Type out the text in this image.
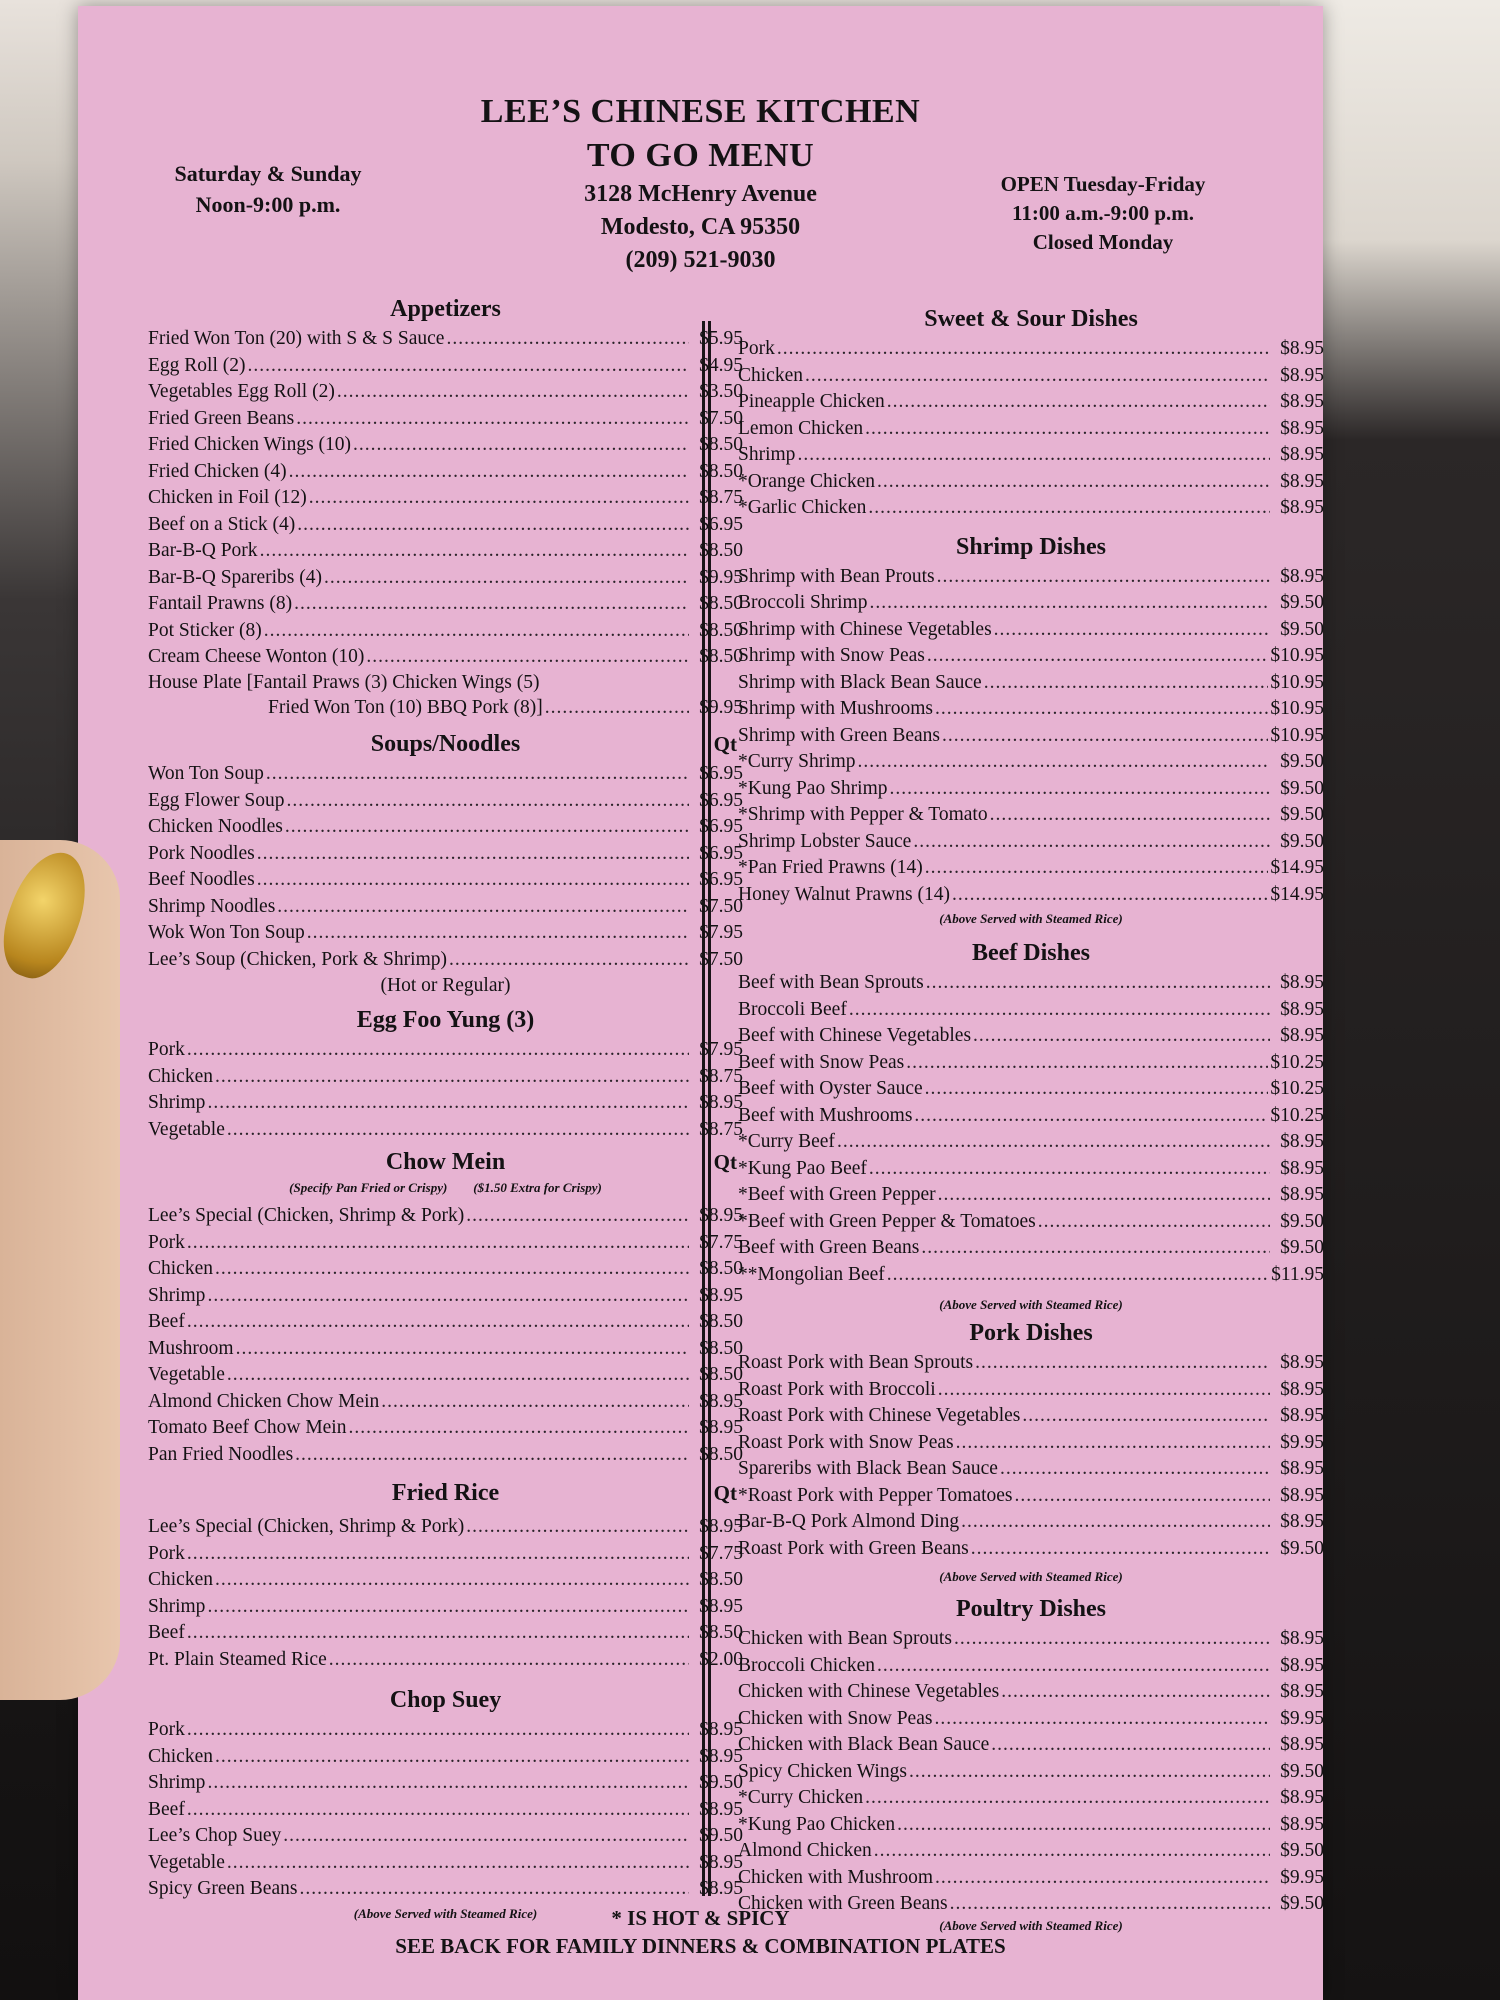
LEE’S CHINESE KITCHEN
TO GO MENU
3128 McHenry Avenue
Modesto, CA 95350
(209) 521-9030
Saturday & Sunday
Noon-9:00 p.m.
OPEN Tuesday-Friday
11:00 a.m.-9:00 p.m.
Closed Monday
Appetizers
Fried Won Ton (20) with S & S Sauce .....	$5.95
Egg Roll (2) .....	$4.95
Vegetables Egg Roll (2) .....	$3.50
Fried Green Beans .....	$7.50
Fried Chicken Wings (10) .....	$8.50
Fried Chicken (4) .....	$8.50
Chicken in Foil (12) .....	$8.75
Beef on a Stick (4) .....	$6.95
Bar-B-Q Pork .....	$8.50
Bar-B-Q Spareribs (4) .....	$9.95
Fantail Prawns (8) .....	$8.50
Pot Sticker (8) .....	$8.50
Cream Cheese Wonton (10) .....	$8.50
House Plate [Fantail Praws (3) Chicken Wings (5)
Fried Won Ton (10) BBQ Pork (8)] .....	$9.95
Soups/Noodles	Qt
Won Ton Soup .....	$6.95
Egg Flower Soup .....	$6.95
Chicken Noodles .....	$6.95
Pork Noodles .....	$6.95
Beef Noodles .....	$6.95
Shrimp Noodles .....	$7.50
Wok Won Ton Soup .....	$7.95
Lee’s Soup (Chicken, Pork & Shrimp) .....	$7.50
(Hot or Regular)
Egg Foo Yung (3)
Pork .....	$7.95
Chicken .....	$8.75
Shrimp .....	$8.95
Vegetable .....	$8.75
Chow Mein	Qt
(Specify Pan Fried or Crispy) ($1.50 Extra for Crispy)
Lee’s Special (Chicken, Shrimp & Pork) .....	$8.95
Pork .....	$7.75
Chicken .....	$8.50
Shrimp .....	$8.95
Beef .....	$8.50
Mushroom .....	$8.50
Vegetable .....	$8.50
Almond Chicken Chow Mein .....	$8.95
Tomato Beef Chow Mein .....	$8.95
Pan Fried Noodles .....	$8.50
Fried Rice	Qt
Lee’s Special (Chicken, Shrimp & Pork) .....	$8.95
Pork .....	$7.75
Chicken .....	$8.50
Shrimp .....	$8.95
Beef .....	$8.50
Pt. Plain Steamed Rice .....	$2.00
Chop Suey
Pork .....	$8.95
Chicken .....	$8.95
Shrimp .....	$9.50
Beef .....	$8.95
Lee’s Chop Suey .....	$9.50
Vegetable .....	$8.95
Spicy Green Beans .....	$8.95
(Above Served with Steamed Rice)
Sweet & Sour Dishes
Pork .....	$8.95
Chicken .....	$8.95
Pineapple Chicken .....	$8.95
Lemon Chicken .....	$8.95
Shrimp .....	$8.95
*Orange Chicken .....	$8.95
*Garlic Chicken .....	$8.95
Shrimp Dishes
Shrimp with Bean Prouts .....	$8.95
Broccoli Shrimp .....	$9.50
Shrimp with Chinese Vegetables .....	$9.50
Shrimp with Snow Peas .....	$10.95
Shrimp with Black Bean Sauce .....	$10.95
Shrimp with Mushrooms .....	$10.95
Shrimp with Green Beans .....	$10.95
*Curry Shrimp .....	$9.50
*Kung Pao Shrimp .....	$9.50
*Shrimp with Pepper & Tomato .....	$9.50
Shrimp Lobster Sauce .....	$9.50
*Pan Fried Prawns (14) .....	$14.95
Honey Walnut Prawns (14) .....	$14.95
(Above Served with Steamed Rice)
Beef Dishes
Beef with Bean Sprouts .....	$8.95
Broccoli Beef .....	$8.95
Beef with Chinese Vegetables .....	$8.95
Beef with Snow Peas .....	$10.25
Beef with Oyster Sauce .....	$10.25
Beef with Mushrooms .....	$10.25
*Curry Beef .....	$8.95
*Kung Pao Beef .....	$8.95
*Beef with Green Pepper .....	$8.95
*Beef with Green Pepper & Tomatoes .....	$9.50
Beef with Green Beans .....	$9.50
**Mongolian Beef .....	$11.95
(Above Served with Steamed Rice)
Pork Dishes
Roast Pork with Bean Sprouts .....	$8.95
Roast Pork with Broccoli .....	$8.95
Roast Pork with Chinese Vegetables .....	$8.95
Roast Pork with Snow Peas .....	$9.95
Spareribs with Black Bean Sauce .....	$8.95
*Roast Pork with Pepper Tomatoes .....	$8.95
Bar-B-Q Pork Almond Ding .....	$8.95
Roast Pork with Green Beans .....	$9.50
(Above Served with Steamed Rice)
Poultry Dishes
Chicken with Bean Sprouts .....	$8.95
Broccoli Chicken .....	$8.95
Chicken with Chinese Vegetables .....	$8.95
Chicken with Snow Peas .....	$9.95
Chicken with Black Bean Sauce .....	$8.95
Spicy Chicken Wings .....	$9.50
*Curry Chicken .....	$8.95
*Kung Pao Chicken .....	$8.95
Almond Chicken .....	$9.50
Chicken with Mushroom .....	$9.95
Chicken with Green Beans .....	$9.50
(Above Served with Steamed Rice)
* IS HOT & SPICY
SEE BACK FOR FAMILY DINNERS & COMBINATION PLATES
